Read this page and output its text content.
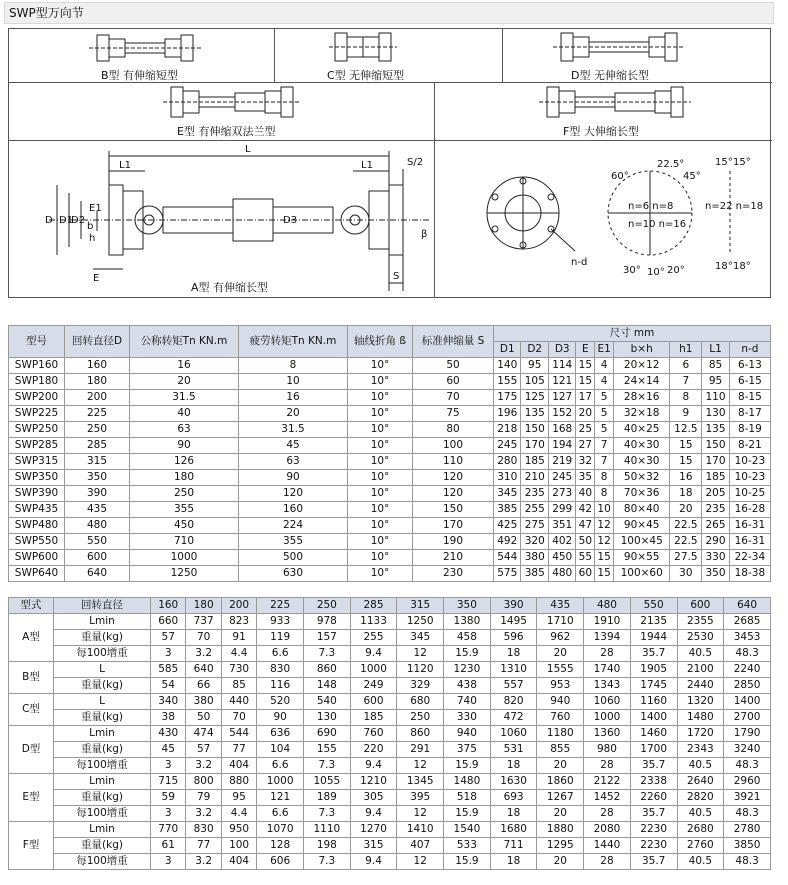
SWP型万向节
B型 有伸缩短型	C型 无伸缩短型	D型 无伸缩长型
E型 有伸缩双法兰型	F型 大伸缩长型
L
L1	L1	S/2
D D1
D2
E1
b
h
D3
E	S
β
A型 有伸缩长型
n-d
n=6 n=8
n=10 n=16
n=22 n=18
22.5°
60°	45°
30° 10° 20°
15° 15°
18° 18°
型号	回转直径D	公称转矩Tn KN.m	疲劳转矩Tn KN.m	轴线折角 ß	标准伸缩量 S	尺寸 mm								
						D1	D2	D3	E	E1	b×h	h1	L1	n-d
SWP160	160	16	8	10°	50	140	95	114	15	4	20×12	6	85	6-13
SWP180	180	20	10	10°	60	155	105	121	15	4	24×14	7	95	6-15
SWP200	200	31.5	16	10°	70	175	125	127	17	5	28×16	8	110	8-15
SWP225	225	40	20	10°	75	196	135	152	20	5	32×18	9	130	8-17
SWP250	250	63	31.5	10°	80	218	150	168	25	5	40×25	12.5	135	8-19
SWP285	285	90	45	10°	100	245	170	194	27	7	40×30	15	150	8-21
SWP315	315	126	63	10°	110	280	185	219	32	7	40×30	15	170	10-23
SWP350	350	180	90	10°	120	310	210	245	35	8	50×32	16	185	10-23
SWP390	390	250	120	10°	120	345	235	273	40	8	70×36	18	205	10-25
SWP435	435	355	160	10°	150	385	255	299	42	10	80×40	20	235	16-28
SWP480	480	450	224	10°	170	425	275	351	47	12	90×45	22.5	265	16-31
SWP550	550	710	355	10°	190	492	320	402	50	12	100×45	22.5	290	16-31
SWP600	600	1000	500	10°	210	544	380	450	55	15	90×55	27.5	330	22-34
SWP640	640	1250	630	10°	230	575	385	480	60	15	100×60	30	350	18-38
型式	回转直径	160	180	200	225	250	285	315	350	390	435	480	550	600	640
A型	Lmin	660	737	823	933	978	1133	1250	1380	1495	1710	1910	2135	2355	2685
	重量(kg)	57	70	91	119	157	255	345	458	596	962	1394	1944	2530	3453
	每100增重	3	3.2	4.4	6.6	7.3	9.4	12	15.9	18	20	28	35.7	40.5	48.3
B型	L	585	640	730	830	860	1000	1120	1230	1310	1555	1740	1905	2100	2240
	重量(kg)	54	66	85	116	148	249	329	438	557	953	1343	1745	2440	2850
C型	L	340	380	440	520	540	600	680	740	820	940	1060	1160	1320	1400
	重量(kg)	38	50	70	90	130	185	250	330	472	760	1000	1400	1480	2700
D型	Lmin	430	474	544	636	690	760	860	940	1060	1180	1360	1460	1720	1790
	重量(kg)	45	57	77	104	155	220	291	375	531	855	980	1700	2343	3240
	每100增重	3	3.2	404	6.6	7.3	9.4	12	15.9	18	20	28	35.7	40.5	48.3
E型	Lmin	715	800	880	1000	1055	1210	1345	1480	1630	1860	2122	2338	2640	2960
	重量(kg)	59	79	95	121	189	305	395	518	693	1267	1452	2260	2820	3921
	每100增重	3	3.2	4.4	6.6	7.3	9.4	12	15.9	18	20	28	35.7	40.5	48.3
F型	Lmin	770	830	950	1070	1110	1270	1410	1540	1680	1880	2080	2230	2680	2780
	重量(kg)	61	77	100	128	198	315	407	533	711	1295	1440	2230	2760	3850
	每100增重	3	3.2	404	606	7.3	9.4	12	15.9	18	20	28	35.7	40.5	48.3
